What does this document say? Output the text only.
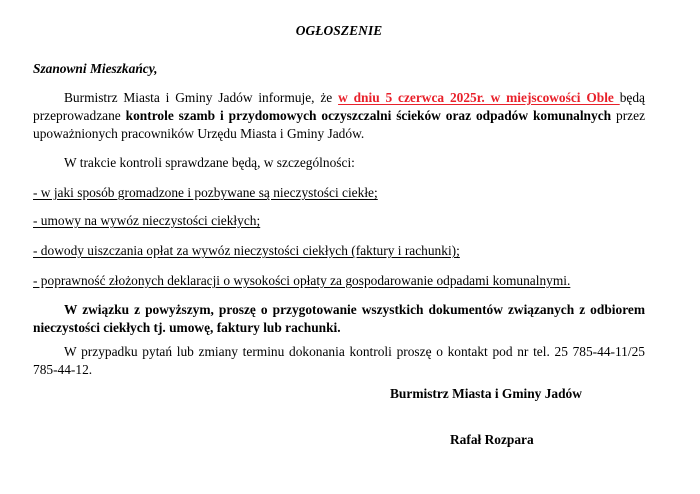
OGŁOSZENIE
Szanowni Mieszkańcy,
Burmistrz Miasta i Gminy Jadów informuje, że w dniu 5 czerwca 2025r. w miejscowości Oble będą przeprowadzane kontrole szamb i przydomowych oczyszczalni ścieków oraz odpadów komunalnych przez upoważnionych pracowników Urzędu Miasta i Gminy Jadów.
W trakcie kontroli sprawdzane będą, w szczególności:
- w jaki sposób gromadzone i pozbywane są nieczystości ciekłe;
- umowy na wywóz nieczystości ciekłych;
- dowody uiszczania opłat za wywóz nieczystości ciekłych (faktury i rachunki);
- poprawność złożonych deklaracji o wysokości opłaty za gospodarowanie odpadami komunalnymi.
W związku z powyższym, proszę o przygotowanie wszystkich dokumentów związanych z odbiorem nieczystości ciekłych tj. umowę, faktury lub rachunki.
W przypadku pytań lub zmiany terminu dokonania kontroli proszę o kontakt pod nr tel. 25 785-44-11/25 785-44-12.
Burmistrz Miasta i Gminy Jadów
Rafał Rozpara
